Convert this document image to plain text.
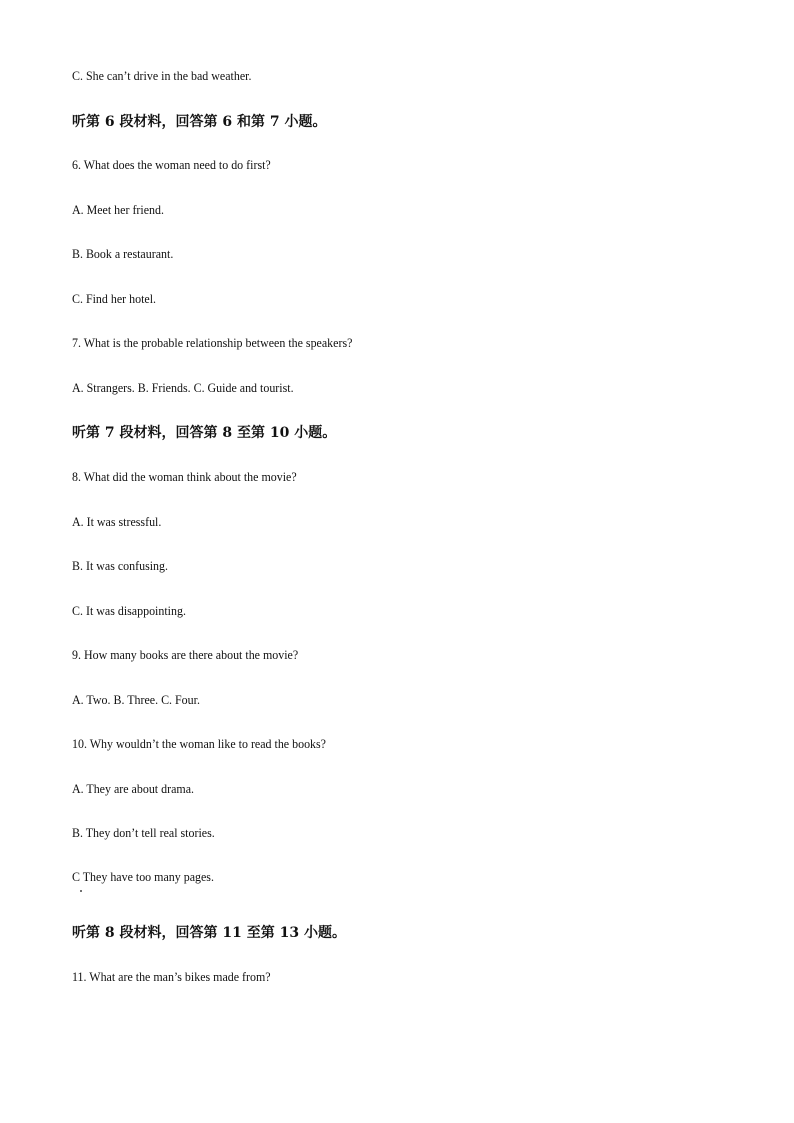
C. She can’t drive in the bad weather.
听第 6 段材料，回答第 6 和第 7 小题。
6. What does the woman need to do first?
A. Meet her friend.
B. Book a restaurant.
C. Find her hotel.
7. What is the probable relationship between the speakers?
A. Strangers. B. Friends. C. Guide and tourist.
听第 7 段材料，回答第 8 至第 10 小题。
8. What did the woman think about the movie?
A. It was stressful.
B. It was confusing.
C. It was disappointing.
9. How many books are there about the movie?
A. Two. B. Three. C. Four.
10. Why wouldn’t the woman like to read the books?
A. They are about drama.
B. They don’t tell real stories.
C They have too many pages.
听第 8 段材料，回答第 11 至第 13 小题。
11. What are the man’s bikes made from?
